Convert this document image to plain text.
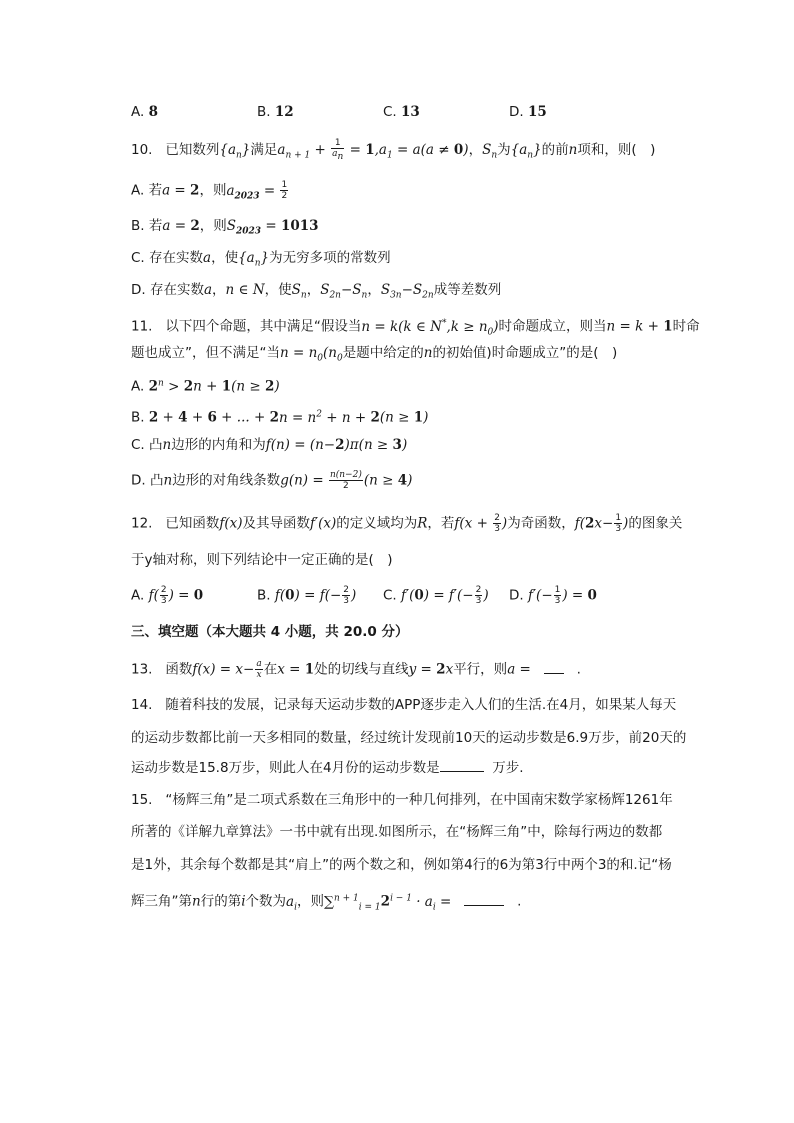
A. 8	B. 12	C. 13	D. 15
10. 已知数列$\{a_n\}$满足$a_{n + 1} + \frac{1}{a_n} = 1,a_1 = a(a \ne 0)$，$S_n$为$\{a_n\}$的前n项和，则(　)
A. 若a = 2，则$a_{2023} = \frac{1}{2}$
B. 若a = 2，则$S_{2023} = 1013$
C. 存在实数a，使$\{a_n\}$为无穷多项的常数列
D. 存在实数a，n ∈ N，使$S_n$，$S_{2n}-S_n$，$S_{3n}-S_{2n}$成等差数列
11. 以下四个命题，其中满足“假设当n = k(k ∈ $N^*,k \ge n_0$)时命题成立，则当n = k + 1时命
题也成立”，但不满足“当$n = n_0(n_0$是题中给定的n的初始值)时命题成立”的是(　)
A. $2^n > 2n + 1(n \ge 2)$
B. 2 + 4 + 6 + ... + $2n = n^2 + n + 2(n \ge 1)$
C. 凸n边形的内角和为f(n) = (n−2)π(n ≥ 3)
D. 凸n边形的对角线条数$g(n) = \frac{n(n-2)}{2} (n \ge 4)$
12. 已知函数f(x)及其导函数f′(x)的定义域均为R，若$f(x + \frac{2}{3}$ )为奇函数，$f(2x- \frac{1}{3}$ )的图象关
于y轴对称，则下列结论中一定正确的是(　)
A. $f( \frac{2}{3}$ ) = 0	B. $f(0) = f(- \frac{2}{3}$ ) C. $f'(0) = f'(- \frac{2}{3}$ ) D. $f'(- \frac{1}{3}$ ) = 0
三、填空题（本大题共 4 小题，共 20.0 分）
13. 函数$f(x) = x- \frac{a}{x}$ 在x = 1处的切线与直线y = 2x平行，则a =	.
14. 随着科技的发展，记录每天运动步数的APP逐步走入人们的生活.在4月，如果某人每天
的运动步数都比前一天多相同的数量，经过统计发现前10天的运动步数是6.9万步，前20天的
运动步数是15.8万步，则此人在4月份的运动步数是	万步.
15. “杨辉三角”是二项式系数在三角形中的一种几何排列，在中国南宋数学家杨辉1261年
所著的《详解九章算法》一书中就有出现.如图所示，在“杨辉三角”中，除每行两边的数都
是1外，其余每个数都是其“肩上”的两个数之和，例如第4行的6为第3行中两个3的和.记“杨
辉三角”第n行的第i个数为$a_i$，则$\sum^{n + 1}_{i = 1}2^{i - 1} \cdot a_i$ =	.
